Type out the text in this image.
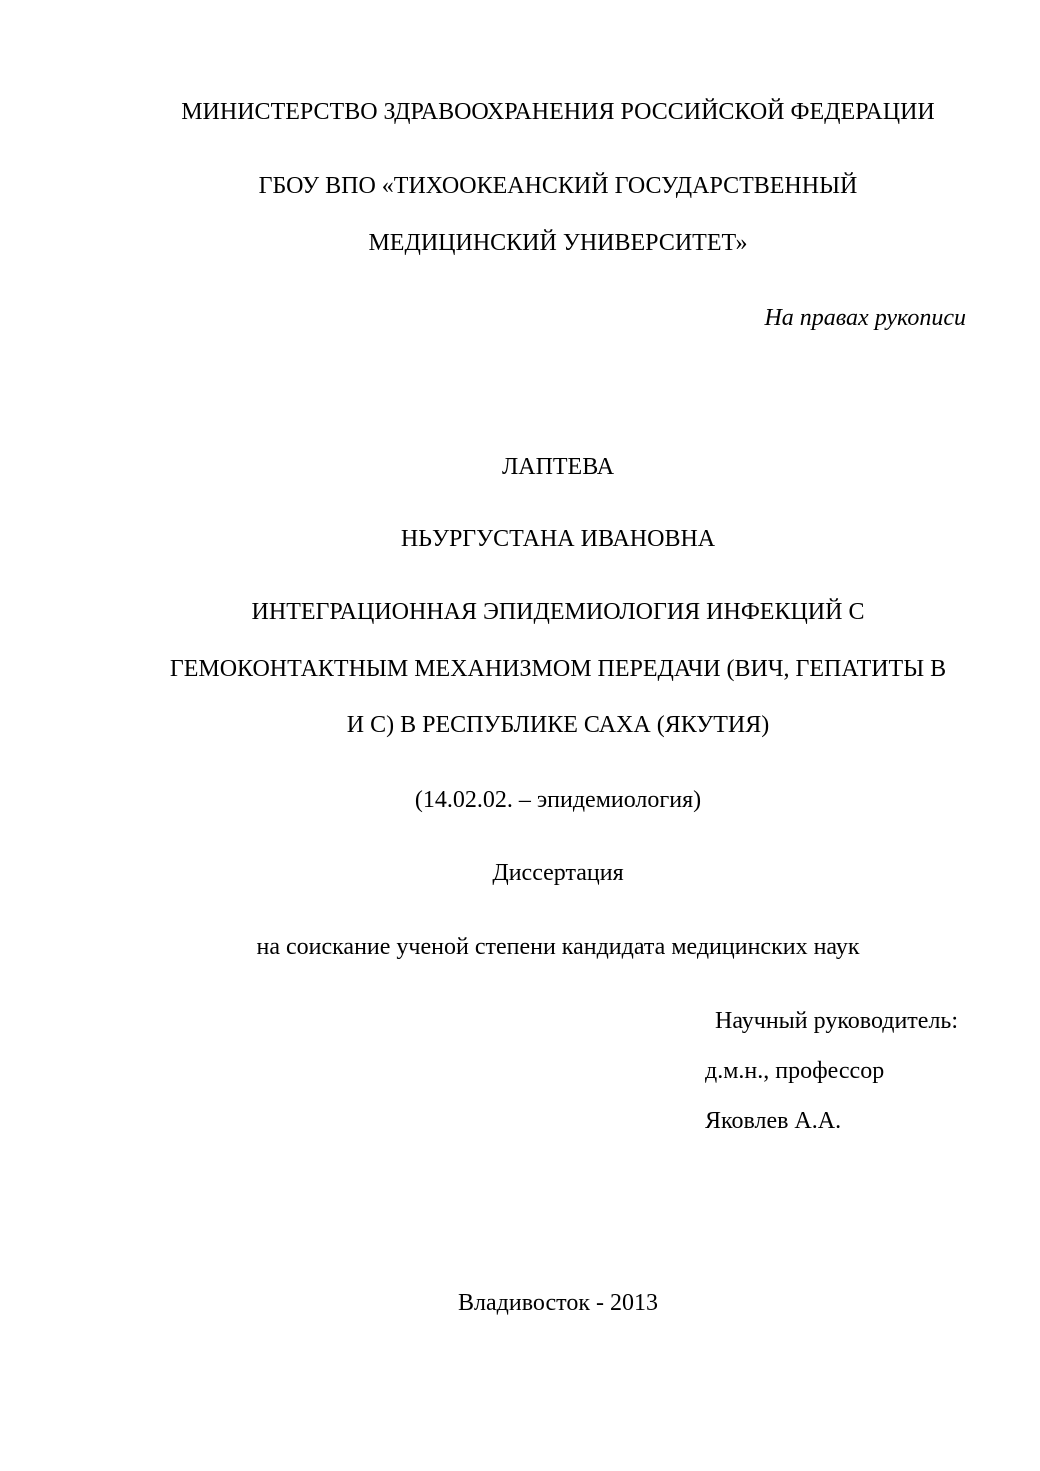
МИНИСТЕРСТВО ЗДРАВООХРАНЕНИЯ РОССИЙСКОЙ ФЕДЕРАЦИИ
ГБОУ ВПО «ТИХООКЕАНСКИЙ ГОСУДАРСТВЕННЫЙ
МЕДИЦИНСКИЙ УНИВЕРСИТЕТ»
На правах рукописи
ЛАПТЕВА
НЬУРГУСТАНА ИВАНОВНА
ИНТЕГРАЦИОННАЯ ЭПИДЕМИОЛОГИЯ ИНФЕКЦИЙ С
ГЕМОКОНТАКТНЫМ МЕХАНИЗМОМ ПЕРЕДАЧИ (ВИЧ, ГЕПАТИТЫ В
И С) В РЕСПУБЛИКЕ САХА (ЯКУТИЯ)
(14.02.02. – эпидемиология)
Диссертация
на соискание ученой степени кандидата медицинских наук
Научный руководитель:
д.м.н., профессор
Яковлев А.А.
Владивосток - 2013
